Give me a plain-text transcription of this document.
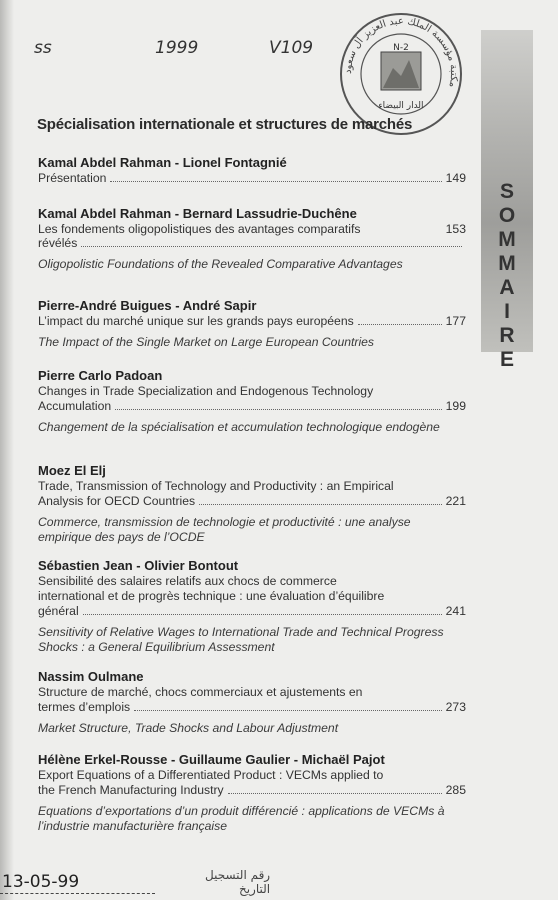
ss	1999	V109
مكتبة مؤسسة الملك عبد العزيز آل سعود
N-2
الدار البيضاء
S
O
M
M
A
I
R
E
Spécialisation internationale et structures de marchés
Kamal Abdel Rahman - Lionel Fontagnié
Présentation	149
Kamal Abdel Rahman - Bernard Lassudrie-Duchêne
Les fondements oligopolistiques des avantages comparatifs	153
révélés
Oligopolistic Foundations of the Revealed Comparative Advantages
Pierre-André Buigues - André Sapir
L’impact du marché unique sur les grands pays européens	177
The Impact of the Single Market on Large European Countries
Pierre Carlo Padoan
Changes in Trade Specialization and Endogenous Technology
Accumulation	199
Changement de la spécialisation et accumulation technologique endogène
Moez El Elj
Trade, Transmission of Technology and Productivity : an Empirical
Analysis for OECD Countries	221
Commerce, transmission de technologie et productivité : une analyse empirique des pays de l’OCDE
Sébastien Jean - Olivier Bontout
Sensibilité des salaires relatifs aux chocs de commerce
international et de progrès technique : une évaluation d’équilibre
général	241
Sensitivity of Relative Wages to International Trade and Technical Progress Shocks : a General Equilibrium Assessment
Nassim Oulmane
Structure de marché, chocs commerciaux et ajustements en
termes d’emplois	273
Market Structure, Trade Shocks and Labour Adjustment
Hélène Erkel-Rousse - Guillaume Gaulier - Michaël Pajot
Export Equations of a Differentiated Product : VECMs applied to
the French Manufacturing Industry	285
Equations d’exportations d’un produit différencié : applications de VECMs à l’industrie manufacturière française
13-05-99	رقم التسجيل
التاريخ
